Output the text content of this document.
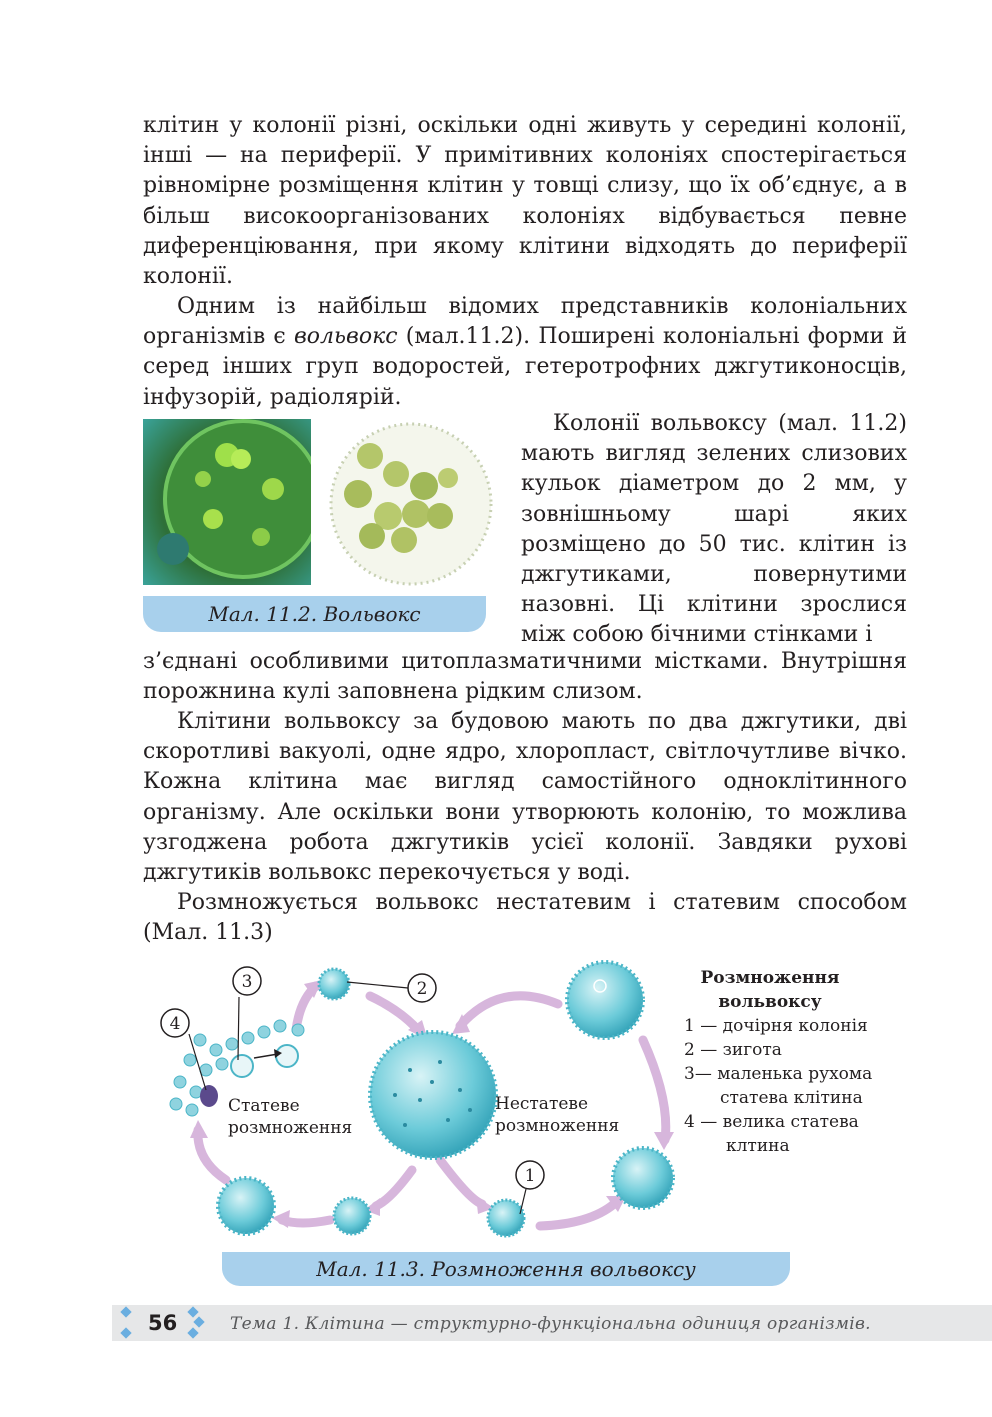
клітин у колонії різні, оскільки одні живуть у середині колонії, інші — на периферії. У примітивних колоніях спостерігається рівномірне розміщення клітин у товщі слизу, що їх об’єднує, а в більш високоорганізованих колоніях відбувається певне диференціювання, при якому клітини відходять до периферії колонії.

Одним із найбільш відомих представників колоніальних організмів є вольвокс (мал.11.2). Поширені колоніальні форми й серед інших груп водоростей, гетеротрофних джгутиконосців, інфузорій, радіолярій.

Мал. 11.2. Вольвокс

Колонії вольвоксу (мал. 11.2) мають вигляд зелених слизових кульок діаметром до 2 мм, у зовнішньому шарі яких розміщено до 50 тис. клітин із джгутиками, повернутими назовні. Ці клітини зрослися між собою бічними стінками і

з’єднані особливими цитоплазматичними містками. Внутрішня порожнина кулі заповнена рідким слизом.

Клітини вольвоксу за будовою мають по два джгутики, дві скоротливі вакуолі, одне ядро, хлоропласт, світлочутливе вічко. Кожна клітина має вигляд самостійного одноклітинного організму. Але оскільки вони утворюють колонію, то можлива узгоджена робота джгутиків усієї колонії. Завдяки рухові джгутиків вольвокс перекочується у воді.

Розмножується вольвокс нестатевим і статевим способом (Мал. 11.3)

1
2
3
4
Статеве
розмноження
Нестатеве
розмноження
Розмноження
вольвоксу
1 — дочірня колонія
2 — зигота
3— маленька рухома
статева клітина
4 — велика статева
клтина
Мал. 11.3. Розмноження вольвоксу
56	Тема 1. Клітина — структурно-функціональна одиниця організмів.
